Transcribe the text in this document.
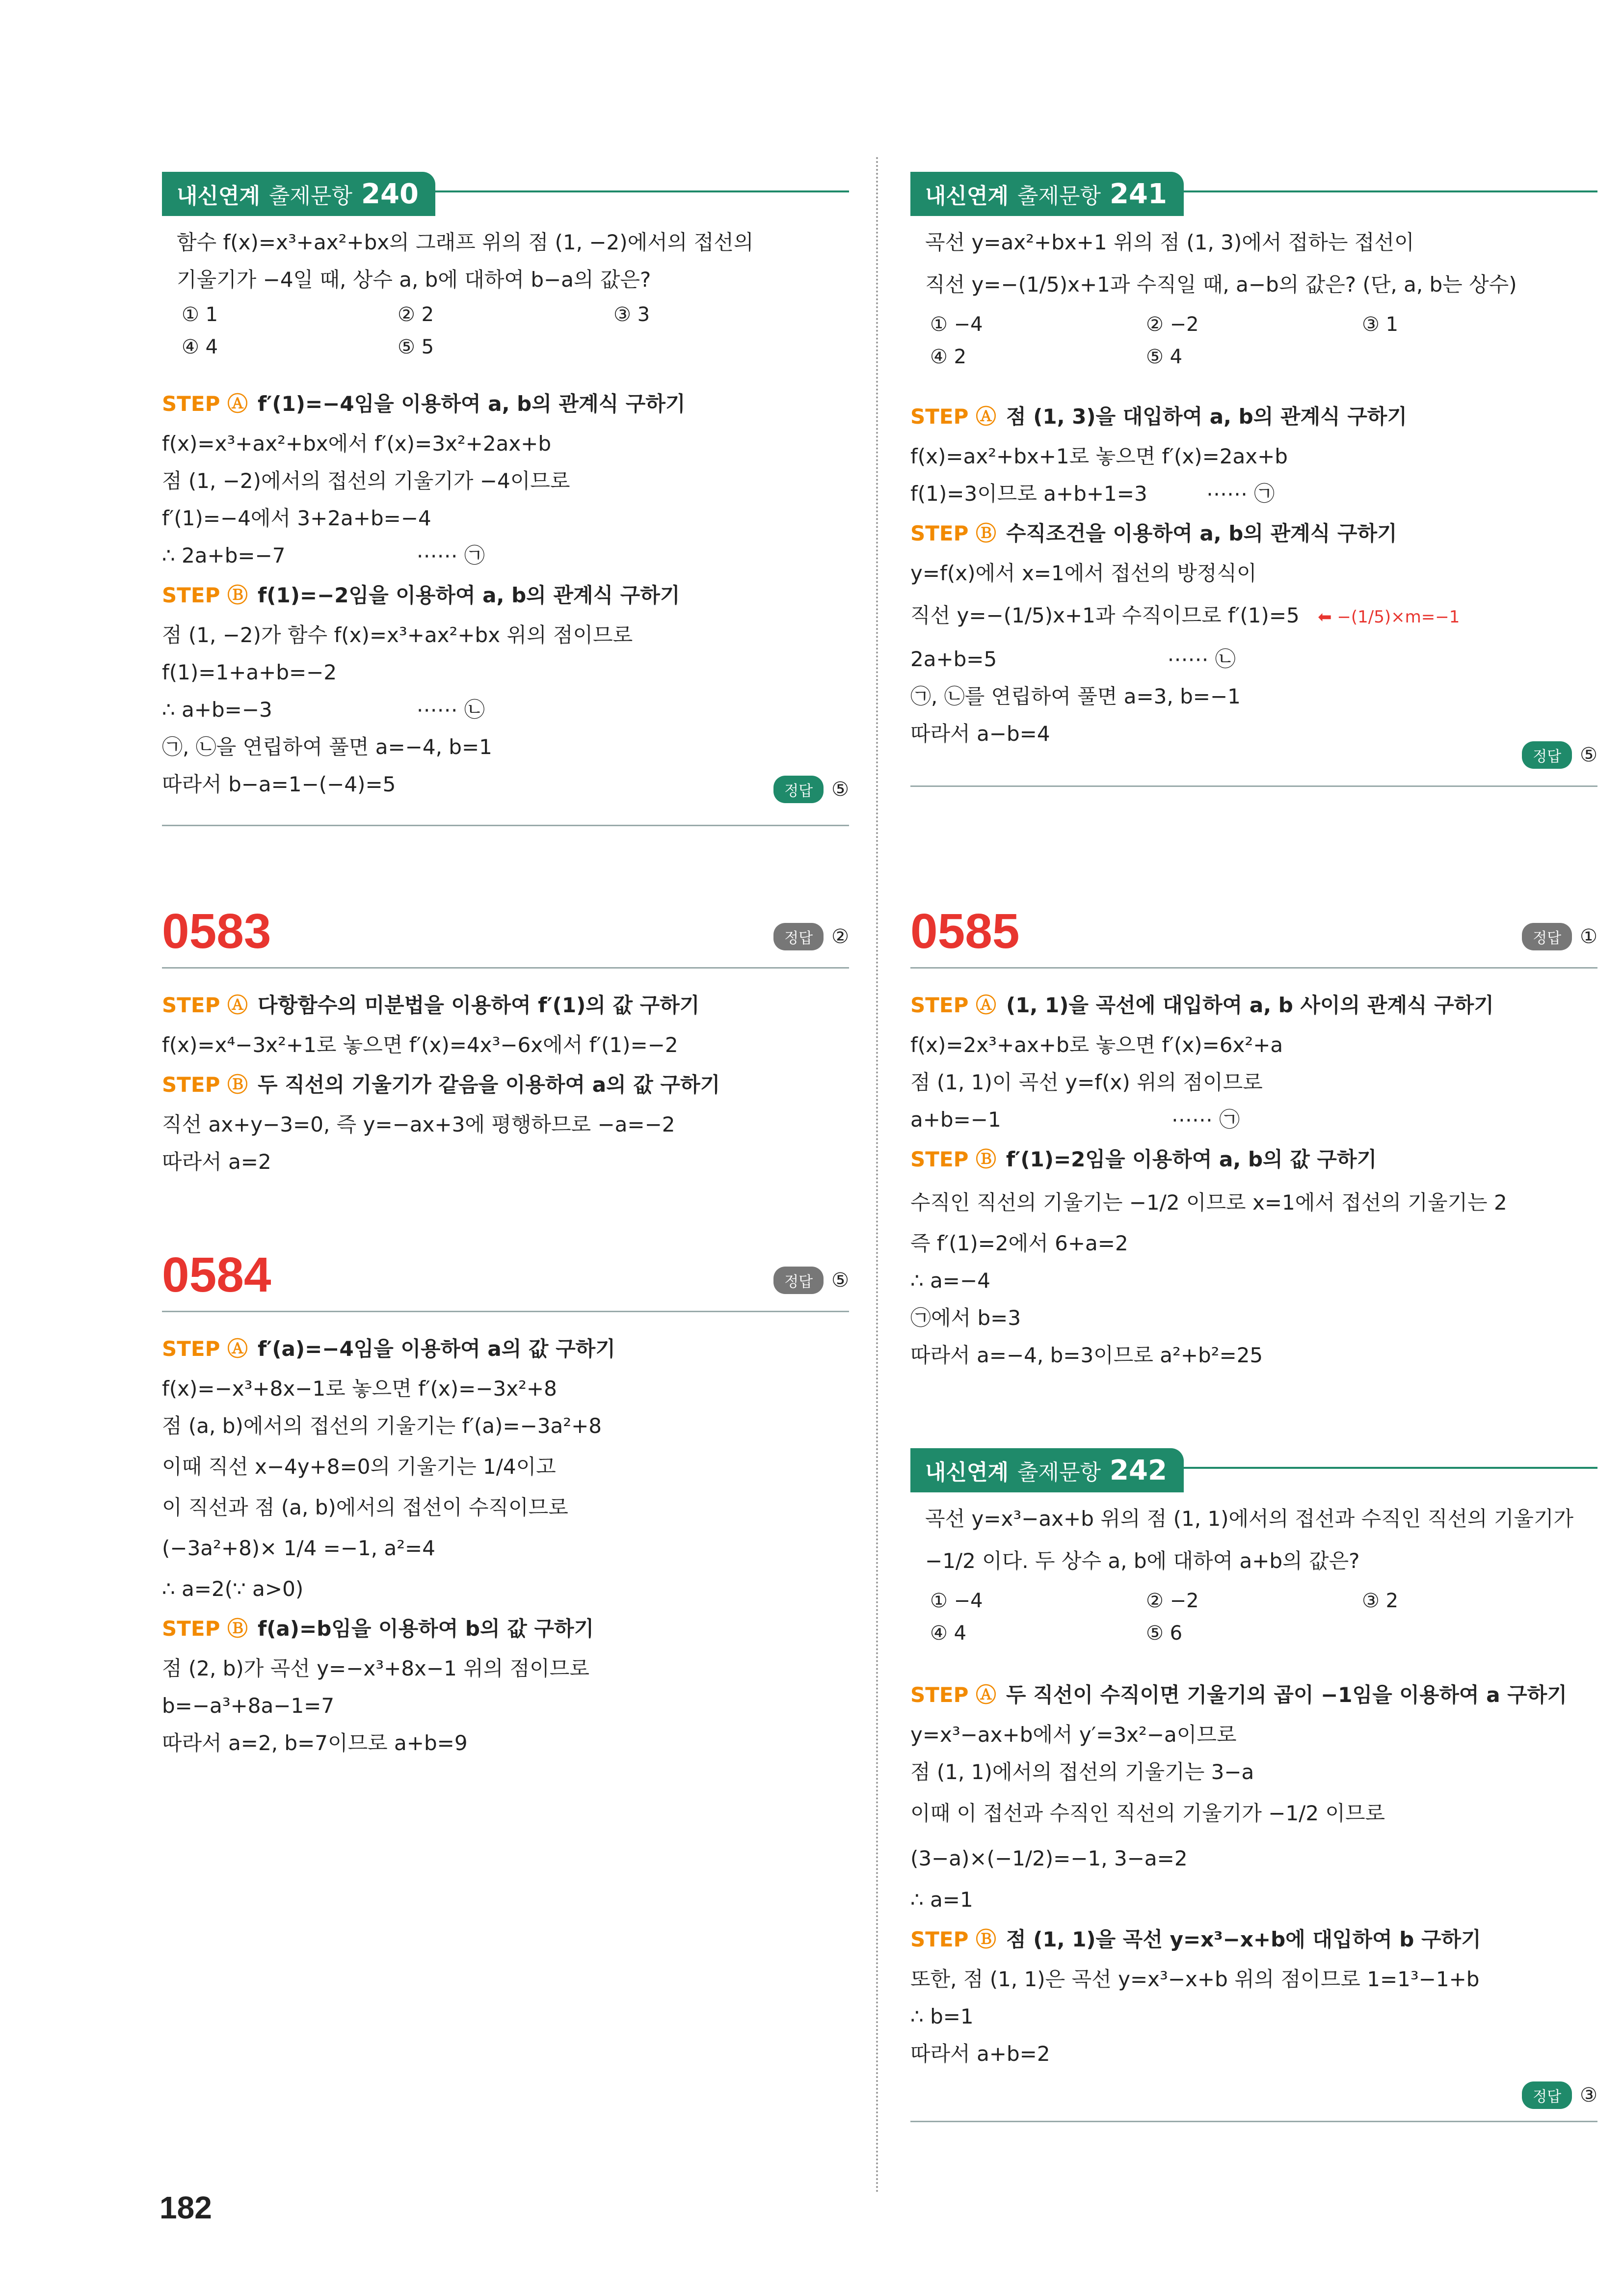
내신연계 출제문항 240
함수 f(x)=x³+ax²+bx의 그래프 위의 점 (1, −2)에서의 접선의
기울기가 −4일 때, 상수 a, b에 대하여 b−a의 값은?
① 1	② 2	③ 3
④ 4	⑤ 5
STEP Ⓐ f′(1)=−4임을 이용하여 a, b의 관계식 구하기
f(x)=x³+ax²+bx에서 f′(x)=3x²+2ax+b
점 (1, −2)에서의 접선의 기울기가 −4이므로
f′(1)=−4에서 3+2a+b=−4
∴ 2a+b=−7                    ⋯⋯ ㉠
STEP Ⓑ f(1)=−2임을 이용하여 a, b의 관계식 구하기
점 (1, −2)가 함수 f(x)=x³+ax²+bx 위의 점이므로
f(1)=1+a+b=−2
∴ a+b=−3                      ⋯⋯ ㉡
㉠, ㉡을 연립하여 풀면 a=−4, b=1
따라서 b−a=1−(−4)=5	정답 ⑤
0583	정답 ②
STEP Ⓐ 다항함수의 미분법을 이용하여 f′(1)의 값 구하기
f(x)=x⁴−3x²+1로 놓으면 f′(x)=4x³−6x에서 f′(1)=−2
STEP Ⓑ 두 직선의 기울기가 같음을 이용하여 a의 값 구하기
직선 ax+y−3=0, 즉 y=−ax+3에 평행하므로 −a=−2
따라서 a=2
0584	정답 ⑤
STEP Ⓐ f′(a)=−4임을 이용하여 a의 값 구하기
f(x)=−x³+8x−1로 놓으면 f′(x)=−3x²+8
점 (a, b)에서의 접선의 기울기는 f′(a)=−3a²+8
이때 직선 x−4y+8=0의 기울기는 1/4이고
이 직선과 점 (a, b)에서의 접선이 수직이므로
(−3a²+8)× 1/4 =−1, a²=4
∴ a=2(∵ a>0)
STEP Ⓑ f(a)=b임을 이용하여 b의 값 구하기
점 (2, b)가 곡선 y=−x³+8x−1 위의 점이므로
b=−a³+8a−1=7
따라서 a=2, b=7이므로 a+b=9
내신연계 출제문항 241
곡선 y=ax²+bx+1 위의 점 (1, 3)에서 접하는 접선이
직선 y=−(1/5)x+1과 수직일 때, a−b의 값은? (단, a, b는 상수)
① −4	② −2	③ 1
④ 2	⑤ 4
STEP Ⓐ 점 (1, 3)을 대입하여 a, b의 관계식 구하기
f(x)=ax²+bx+1로 놓으면 f′(x)=2ax+b
f(1)=3이므로 a+b+1=3         ⋯⋯ ㉠
STEP Ⓑ 수직조건을 이용하여 a, b의 관계식 구하기
y=f(x)에서 x=1에서 접선의 방정식이
직선 y=−(1/5)x+1과 수직이므로 f′(1)=5 ⬅ −(1/5)×m=−1
2a+b=5                          ⋯⋯ ㉡
㉠, ㉡를 연립하여 풀면 a=3, b=−1
따라서 a−b=4
정답 ⑤
0585	정답 ①
STEP Ⓐ (1, 1)을 곡선에 대입하여 a, b 사이의 관계식 구하기
f(x)=2x³+ax+b로 놓으면 f′(x)=6x²+a
점 (1, 1)이 곡선 y=f(x) 위의 점이므로
a+b=−1                          ⋯⋯ ㉠
STEP Ⓑ f′(1)=2임을 이용하여 a, b의 값 구하기
수직인 직선의 기울기는 −1/2 이므로 x=1에서 접선의 기울기는 2
즉 f′(1)=2에서 6+a=2
∴ a=−4
㉠에서 b=3
따라서 a=−4, b=3이므로 a²+b²=25
내신연계 출제문항 242
곡선 y=x³−ax+b 위의 점 (1, 1)에서의 접선과 수직인 직선의 기울기가
−1/2 이다. 두 상수 a, b에 대하여 a+b의 값은?
① −4	② −2	③ 2
④ 4	⑤ 6
STEP Ⓐ 두 직선이 수직이면 기울기의 곱이 −1임을 이용하여 a 구하기
y=x³−ax+b에서 y′=3x²−a이므로
점 (1, 1)에서의 접선의 기울기는 3−a
이때 이 접선과 수직인 직선의 기울기가 −1/2 이므로
(3−a)×(−1/2)=−1, 3−a=2
∴ a=1
STEP Ⓑ 점 (1, 1)을 곡선 y=x³−x+b에 대입하여 b 구하기
또한, 점 (1, 1)은 곡선 y=x³−x+b 위의 점이므로 1=1³−1+b
∴ b=1
따라서 a+b=2
정답 ③
182
